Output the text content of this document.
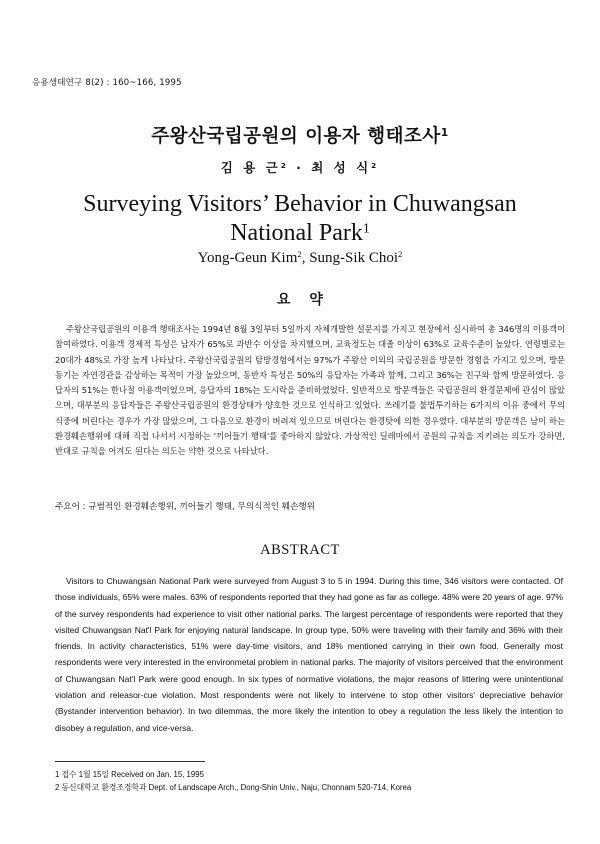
응용생태연구 8(2) : 160~166, 1995
주왕산국립공원의 이용자 행태조사$^1$
김 용 근$^2$ · 최 성 식$^2$
Surveying Visitors’ Behavior in Chuwangsan National Park$^1$
Yong-Geun Kim$^2$, Sung-Sik Choi$^2$
요 약
주왕산국립공원의 이용객 행태조사는 1994년 8월 3일부터 5일까지 자체개발한 설문지를 가지고 현장에서 실시하여 총 346명의 이용객이 참여하였다. 이용객 경제적 특성은 남자가 65%로 과반수 이상을 차지했으며, 교육정도는 대졸 이상이 63%로 교육수준이 높았다. 연령별로는 20대가 48%로 가장 높게 나타났다. 주왕산국립공원의 탐방경험에서는 97%가 주왕산 이외의 국립공원을 방문한 경험을 가지고 있으며, 방문동기는 자연경관을 감상하는 목적이 가장 높았으며, 동반자 특성은 50%의 응답자는 가족과 함께, 그리고 36%는 친구와 함께 방문하였다. 응답자의 51%는 한나절 이용객이었으며, 응답자의 18%는 도시락을 준비하였었다. 일반적으로 방문객들은 국립공원의 환경문제에 관심이 많았으며, 대부분의 응답자들은 주왕산국립공원의 환경상태가 양호한 것으로 인식하고 있었다. 쓰레기를 불법투기하는 6가지의 이유 중에서 무의식중에 버린다는 경우가 가장 많았으며, 그 다음으로 환경이 버려져 있으므로 버린다는 환경탓에 의한 경우였다. 대부분의 방문객은 남이 하는 환경훼손행위에 대해 직접 나서서 시정하는 '끼어들기 행태'를 좋아하지 않았다. 가상적인 딜레마에서 공원의 규칙을 지키려는 의도가 강하면, 반대로 규칙을 어겨도 된다는 의도는 약한 것으로 나타났다.
주요어 : 규범적인 환경훼손행위, 끼어들기 행태, 무의식적인 훼손행위
ABSTRACT
Visitors to Chuwangsan National Park were surveyed from August 3 to 5 in 1994. During this time, 346 visitors were contacted. Of those individuals, 65% were males. 63% of respondents reported that they had gone as far as college. 48% were 20 years of age. 97% of the survey respondents had experience to visit other national parks. The largest percentage of respondents were reported that they visited Chuwangsan Nat'l Park for enjoying natural landscape. In group type, 50% were traveling with their family and 36% with their friends. In activity characteristics, 51% were day-time visitors, and 18% mentioned carrying in their own food. Generally most respondents were very interested in the environmetal problem in national parks. The majority of visitors perceived that the environment of Chuwangsan Nat'l Park were good enough. In six types of normative violations, the major reasons of littering were unintentional violation and releasor-cue violation. Most respondents were not likely to intervene to stop other visitors' depreciative behavior (Bystander intervention behavior). In two dilemmas, the more likely the intention to obey a regulation the less likely the intention to disobey a regulation, and vice-versa.
1 접수 1월 15일 Received on Jan. 15, 1995
2 동신대학교 환경조경학과 Dept. of Landscape Arch., Dong-Shin Univ., Naju, Chonnam 520-714, Korea
